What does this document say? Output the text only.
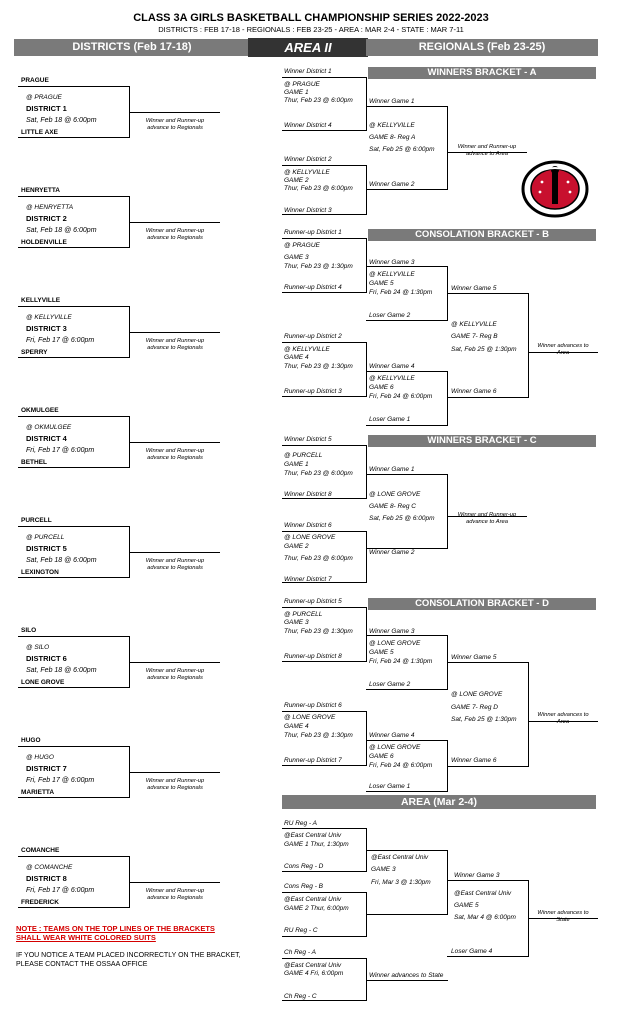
CLASS 3A GIRLS BASKETBALL CHAMPIONSHIP SERIES 2022-2023
DISTRICTS : FEB 17-18 - REGIONALS : FEB 23-25 - AREA : MAR 2-4 - STATE : MAR 7-11
DISTRICTS (Feb 17-18)	AREA II	REGIONALS (Feb 23-25)
PRAGUE
@ PRAGUE
DISTRICT 1
Sat, Feb 18 @ 6:00pm
LITTLE AXE
Winner and Runner-up advance to Regionals
HENRYETTA
@ HENRYETTA
DISTRICT 2
Sat, Feb 18 @ 6:00pm
HOLDENVILLE
Winner and Runner-up advance to Regionals
KELLYVILLE
@ KELLYVILLE
DISTRICT 3
Fri, Feb 17 @ 6:00pm
SPERRY
Winner and Runner-up advance to Regionals
OKMULGEE
@ OKMULGEE
DISTRICT 4
Fri, Feb 17 @ 6:00pm
BETHEL
Winner and Runner-up advance to Regionals
PURCELL
@ PURCELL
DISTRICT 5
Sat, Feb 18 @ 6:00pm
LEXINGTON
Winner and Runner-up advance to Regionals
SILO
@ SILO
DISTRICT 6
Sat, Feb 18 @ 6:00pm
LONE GROVE
Winner and Runner-up advance to Regionals
HUGO
@ HUGO
DISTRICT 7
Fri, Feb 17 @ 6:00pm
MARIETTA
Winner and Runner-up advance to Regionals
COMANCHE
@ COMANCHE
DISTRICT 8
Fri, Feb 17 @ 6:00pm
FREDERICK
Winner and Runner-up advance to Regionals
NOTE : TEAMS ON THE TOP LINES OF THE BRACKETS
SHALL WEAR WHITE COLORED SUITS
IF YOU NOTICE A TEAM PLACED INCORRECTLY ON THE BRACKET,
PLEASE CONTACT THE OSSAA OFFICE
WINNERS BRACKET - A
Winner District 1
@ PRAGUE
GAME 1
Thur, Feb 23 @ 6:00pm
Winner District 4
Winner District 2
@ KELLYVILLE
GAME 2
Thur, Feb 23 @ 6:00pm
Winner District 3
Winner Game 1
@ KELLYVILLE
GAME 8- Reg A
Sat, Feb 25 @ 6:00pm
Winner Game 2
Winner and Runner-up advance to Area
CONSOLATION BRACKET - B
Runner-up District 1
@ PRAGUE
GAME 3
Thur, Feb 23 @ 1:30pm
Runner-up District 4
Winner Game 3
@ KELLYVILLE
GAME 5
Fri, Feb 24 @ 1:30pm
Loser Game 2
Runner-up District 2
@ KELLYVILLE
GAME 4
Thur, Feb 23 @ 1:30pm
Runner-up District 3
Winner Game 4
@ KELLYVILLE
GAME 6
Fri, Feb 24 @ 6:00pm
Loser Game 1
Winner Game 5
@ KELLYVILLE
GAME 7- Reg B
Sat, Feb 25 @ 1:30pm
Winner Game 6
Winner advances to Area
WINNERS BRACKET - C
Winner District 5
@ PURCELL
GAME 1
Thur, Feb 23 @ 6:00pm
Winner District 8
Winner District 6
@ LONE GROVE
GAME 2
Thur, Feb 23 @ 6:00pm
Winner District 7
Winner Game 1
@ LONE GROVE
GAME 8- Reg C
Sat, Feb 25 @ 6:00pm
Winner Game 2
Winner and Runner-up advance to Area
CONSOLATION BRACKET - D
Runner-up District 5
@ PURCELL
GAME 3
Thur, Feb 23 @ 1:30pm
Runner-up District 8
Winner Game 3
@ LONE GROVE
GAME 5
Fri, Feb 24 @ 1:30pm
Loser Game 2
Runner-up District 6
@ LONE GROVE
GAME 4
Thur, Feb 23 @ 1:30pm
Runner-up District 7
Winner Game 4
@ LONE GROVE
GAME 6
Fri, Feb 24 @ 6:00pm
Loser Game 1
Winner Game 5
@ LONE GROVE
GAME 7- Reg D
Sat, Feb 25 @ 1:30pm
Winner Game 6
Winner advances to Area
AREA (Mar 2-4)
RU Reg - A
@East Central Univ
GAME 1 Thur, 1:30pm
Cons Reg - D
Cons Reg - B
@East Central Univ
GAME 2 Thur, 6:00pm
RU Reg - C
@East Central Univ
GAME 3
Fri, Mar 3 @ 1:30pm
Winner Game 3
@East Central Univ
GAME 5
Sat, Mar 4 @ 6:00pm
Loser Game 4
Winner advances to State
Ch Reg - A
@East Central Univ
GAME 4 Fri, 6:00pm
Ch Reg - C
Winner advances to State
